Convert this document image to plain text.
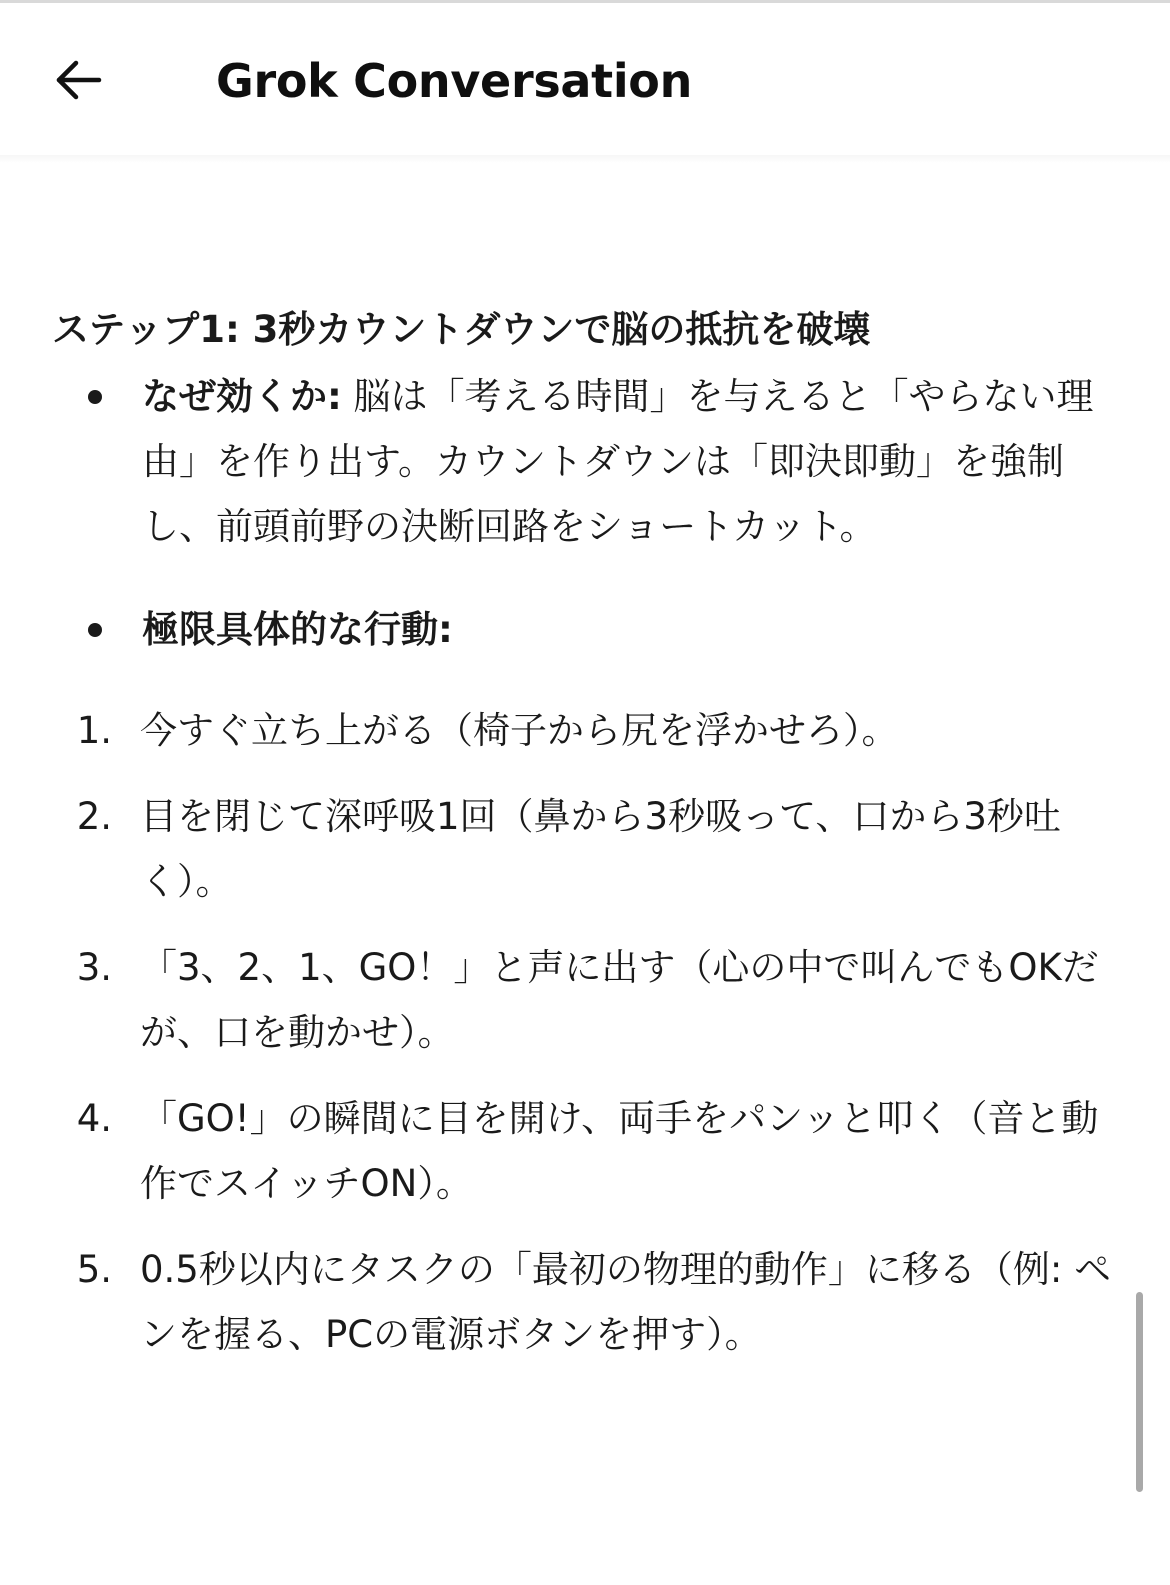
Grok Conversation
ステップ1: 3秒カウントダウンで脳の抵抗を破壊
なぜ効くか: 脳は「考える時間」を与えると「やらない理由」を作り出す。カウントダウンは「即決即動」を強制し、前頭前野の決断回路をショートカット。
極限具体的な行動:
1. 今すぐ立ち上がる（椅子から尻を浮かせろ）。
2. 目を閉じて深呼吸1回（鼻から3秒吸って、口から3秒吐く）。
3. 「3、2、1、GO！」と声に出す（心の中で叫んでもOKだが、口を動かせ）。
4. 「GO!」の瞬間に目を開け、両手をパンッと叩く（音と動作でスイッチON）。
5. 0.5秒以内にタスクの「最初の物理的動作」に移る（例: ペンを握る、PCの電源ボタンを押す）。
